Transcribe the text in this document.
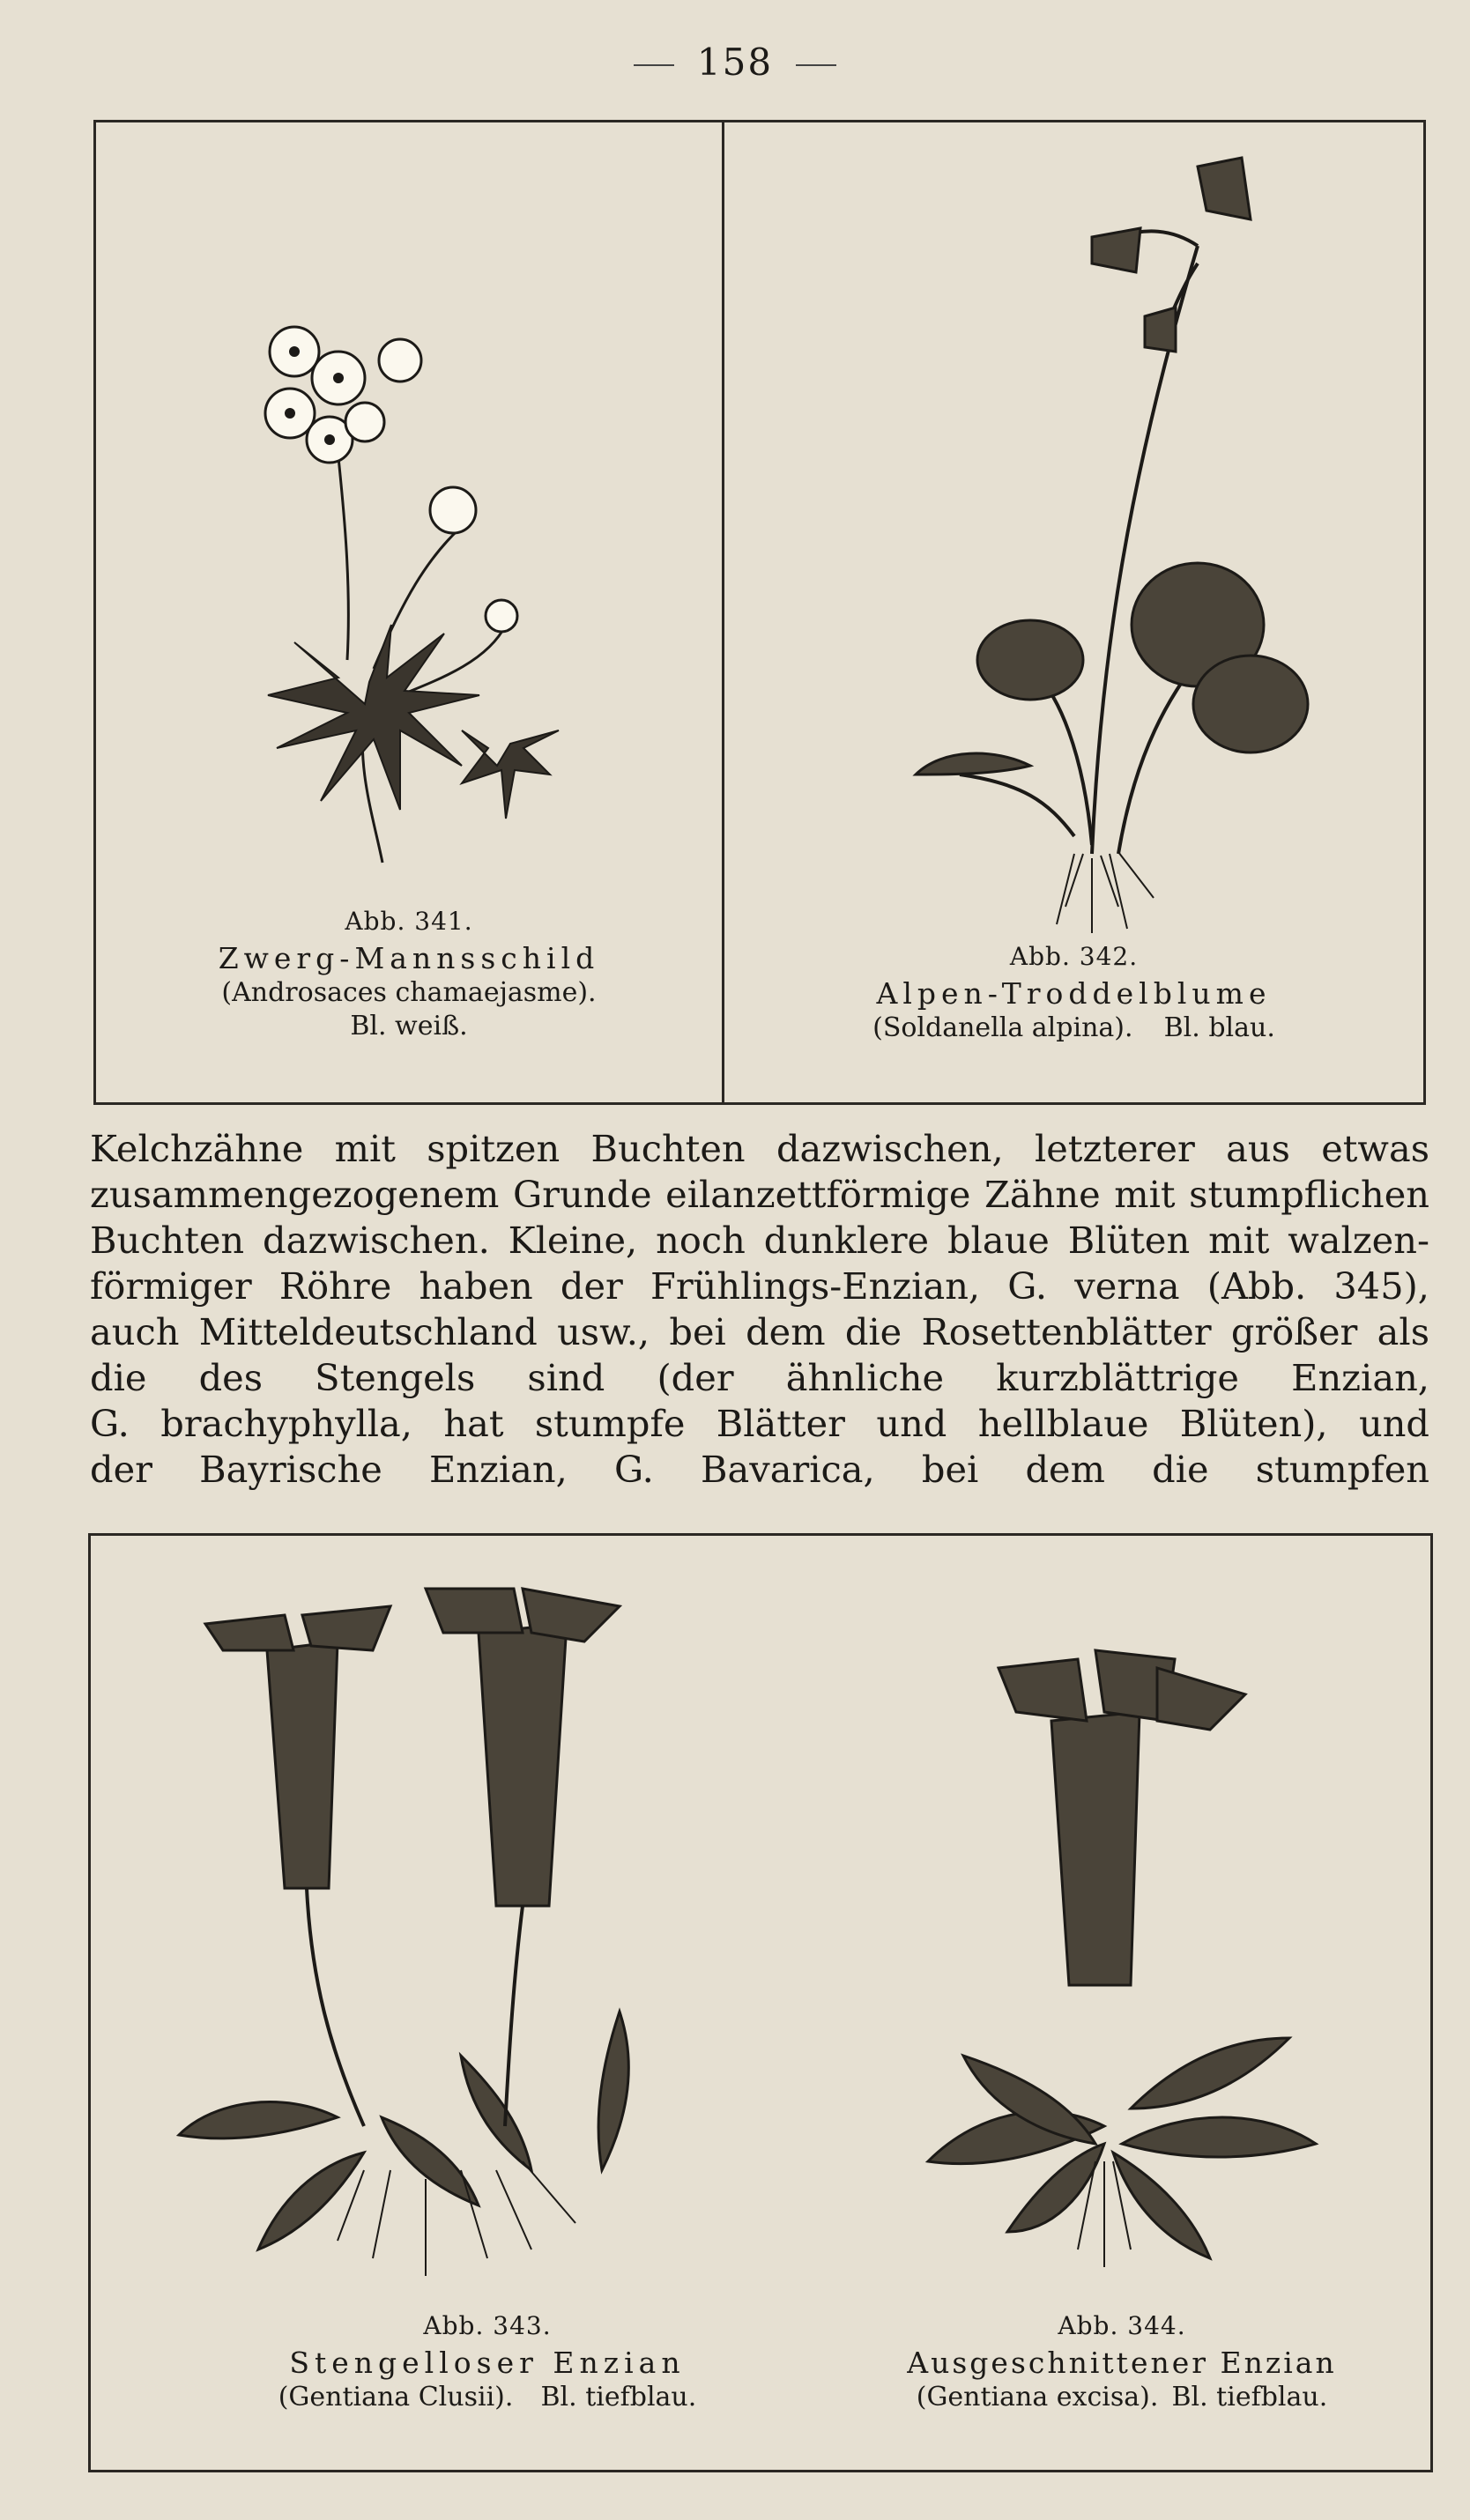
158
Abb. 341.
Zwerg-Mannsschild
(Androsaces chamaejasme).
Bl. weiß.
Abb. 342.
Alpen-Troddelblume
(Soldanella alpina). Bl. blau.
Kelchzähne mit spitzen Buchten dazwischen, letzterer aus etwas
zusammengezogenem Grunde eilanzettförmige Zähne mit stumpflichen
Buchten dazwischen. Kleine, noch dunklere blaue Blüten mit walzen-
förmiger Röhre haben der Frühlings-Enzian, G. verna (Abb. 345),
auch Mitteldeutschland usw., bei dem die Rosettenblätter größer als
die des Stengels sind (der ähnliche kurzblättrige Enzian,
G. brachyphylla, hat stumpfe Blätter und hellblaue Blüten), und
der Bayrische Enzian, G. Bavarica, bei dem die stumpfen
Abb. 343.
Stengelloser Enzian
(Gentiana Clusii). Bl. tiefblau.
Abb. 344.
Ausgeschnittener Enzian
(Gentiana excisa). Bl. tiefblau.
